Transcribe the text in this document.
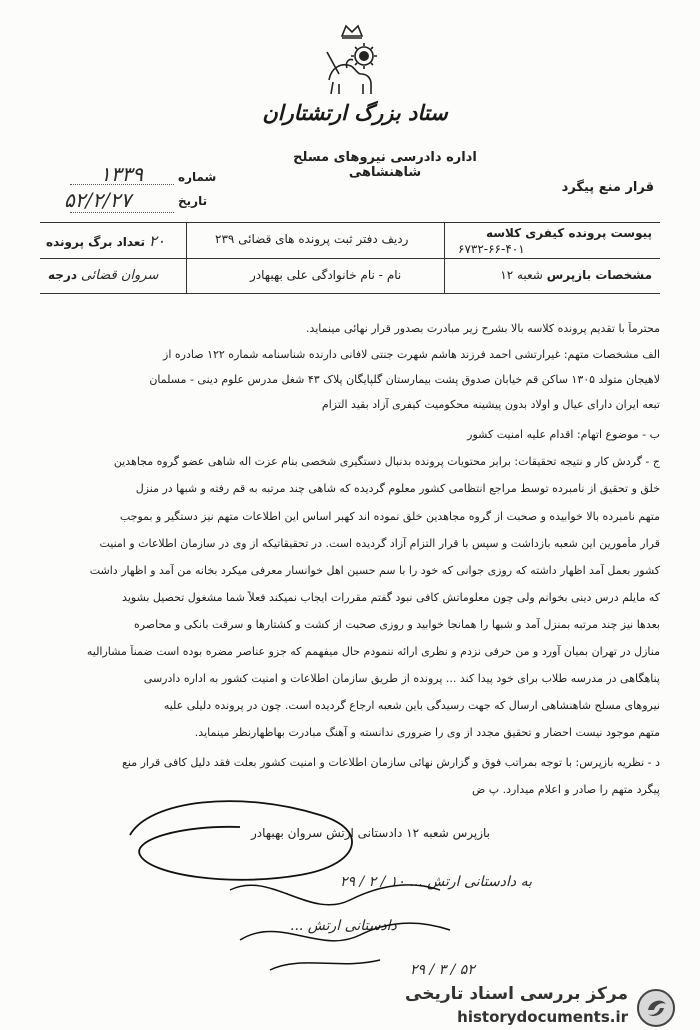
ستاد بزرگ ارتشتاران
اداره دادرسی نیروهای مسلح شاهنشاهی
شماره
۱۳۳۹
تاریخ
۵۲/۲/۲۷
قرار منع پیگرد
پیوست پرونده کیفری کلاسه
۶۷۳۲-۶۶-۴۰۱
ردیف دفتر ثبت پرونده های قضائی ۲۳۹
۲۰ تعداد برگ پرونده
مشخصات بازپرس شعبه ۱۲
نام - نام خانوادگی علی بهبهادر
سروان قضائی درجه
محترماً با تقدیم پرونده کلاسه بالا بشرح زیر مبادرت بصدور قرار نهائی مینماید.
الف مشخصات متهم: غیرارتشی احمد فرزند هاشم شهرت جنتی لافانی دارنده شناسنامه شماره ۱۲۲ صادره از
لاهیجان متولد ۱۳۰۵ ساکن قم خیابان صدوق پشت بیمارستان گلپایگان پلاک ۴۳ شغل مدرس علوم دینی - مسلمان
تبعه ایران دارای عیال و اولاد بدون پیشینه محکومیت کیفری آزاد بقید التزام
ب - موضوع اتهام: اقدام علیه امنیت کشور
ج - گردش کار و نتیجه تحقیقات: برابر محتویات پرونده بدنبال دستگیری شخصی بنام عزت اله شاهی عضو گروه مجاهدین
خلق و تحقیق از نامبرده توسط مراجع انتظامی کشور معلوم گردیده که شاهی چند مرتبه به قم رفته و شبها در منزل
متهم نامبرده بالا خوابیده و صحبت از گروه مجاهدین خلق نموده اند کهبر اساس این اطلاعات متهم نیز دستگیر و بموجب
قرار مأمورین این شعبه بازداشت و سپس با قرار التزام آزاد گردیده است. در تحقیقاتیکه از وی در سازمان اطلاعات و امنیت
کشور بعمل آمد اظهار داشته که روزی جوانی که خود را با سم حسین اهل خوانسار معرفی میکرد بخانه من آمد و اظهار داشت
که مایلم درس دینی بخوانم ولی چون معلوماتش کافی نبود گفتم مقررات ایجاب نمیکند فعلاً شما مشغول تحصیل بشوید
بعدها نیز چند مرتبه بمنزل آمد و شبها را همانجا خوابید و روزی صحبت از کشت و کشتارها و سرقت بانکی و محاصره
منازل در تهران بمیان آورد و من حرفی نزدم و نظری ارائه ننمودم حال میفهمم که جزو عناصر مضره بوده است ضمناً مشارالیه
پناهگاهی در مدرسه طلاب برای خود پیدا کند ... پرونده از طریق سازمان اطلاعات و امنیت کشور به اداره دادرسی
نیروهای مسلح شاهنشاهی ارسال که جهت رسیدگی باین شعبه ارجاع گردیده است. چون در پرونده دلیلی علیه
متهم موجود نیست احضار و تحقیق مجدد از وی را ضروری ندانسته و آهنگ مبادرت بهاظهارنظر مینماید.
د - نظریه بازپرس: با توجه بمراتب فوق و گزارش نهائی سازمان اطلاعات و امنیت کشور بعلت فقد دلیل کافی قرار منع
پیگرد متهم را صادر و اعلام میدارد. پ ض
بازپرس شعبه ۱۲ دادستانی ارتش سروان بهبهادر
به دادستانی ارتش ... ۱۰ / ۲ / ۲۹
دادستانی ارتش ...
۲۹ / ۳ / ۵۲
مرکز بررسی اسناد تاریخی
historydocuments.ir
